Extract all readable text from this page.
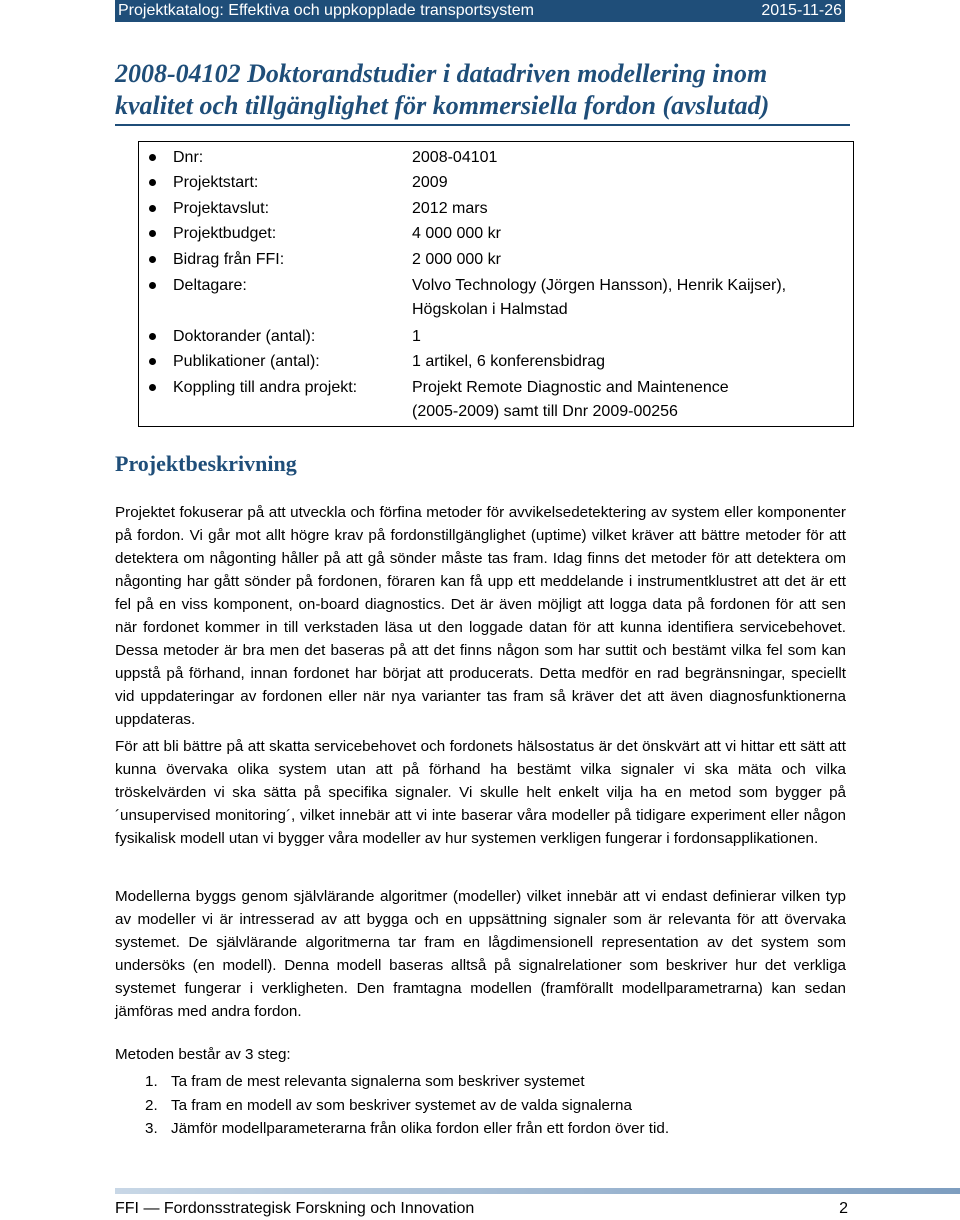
Projektkatalog: Effektiva och uppkopplade transportsystem	2015-11-26
2008-04102 Doktorandstudier i datadriven modellering inom kvalitet och tillgänglighet för kommersiella fordon (avslutad)
Dnr:	2008-04101
Projektstart:	2009
Projektavslut:	2012 mars
Projektbudget:	4 000 000 kr
Bidrag från FFI:	2 000 000 kr
Deltagare:	Volvo Technology (Jörgen Hansson), Henrik Kaijser),
Högskolan i Halmstad
Doktorander (antal):	1
Publikationer (antal):	1 artikel, 6 konferensbidrag
Koppling till andra projekt:	Projekt Remote Diagnostic and Maintenence
(2005-2009) samt till Dnr 2009-00256
Projektbeskrivning

Projektet fokuserar på att utveckla och förfina metoder för avvikelsedetektering av system eller komponenter på fordon. Vi går mot allt högre krav på fordonstillgänglighet (uptime) vilket kräver att bättre metoder för att detektera om någonting håller på att gå sönder måste tas fram. Idag finns det metoder för att detektera om någonting har gått sönder på fordonen, föraren kan få upp ett meddelande i instrumentklustret att det är ett fel på en viss komponent, on-board diagnostics. Det är även möjligt att logga data på fordonen för att sen när fordonet kommer in till verkstaden läsa ut den loggade datan för att kunna identifiera servicebehovet. Dessa metoder är bra men det baseras på att det finns någon som har suttit och bestämt vilka fel som kan uppstå på förhand, innan fordonet har börjat att producerats. Detta medför en rad begränsningar, speciellt vid uppdateringar av fordonen eller när nya varianter tas fram så kräver det att även diagnosfunktionerna uppdateras.

För att bli bättre på att skatta servicebehovet och fordonets hälsostatus är det önskvärt att vi hittar ett sätt att kunna övervaka olika system utan att på förhand ha bestämt vilka signaler vi ska mäta och vilka tröskelvärden vi ska sätta på specifika signaler. Vi skulle helt enkelt vilja ha en metod som bygger på ´unsupervised monitoring´, vilket innebär att vi inte baserar våra modeller på tidigare experiment eller någon fysikalisk modell utan vi bygger våra modeller av hur systemen verkligen fungerar i fordonsapplikationen.

Modellerna byggs genom självlärande algoritmer (modeller) vilket innebär att vi endast definierar vilken typ av modeller vi är intresserad av att bygga och en uppsättning signaler som är relevanta för att övervaka systemet. De självlärande algoritmerna tar fram en lågdimensionell representation av det system som undersöks (en modell). Denna modell baseras alltså på signalrelationer som beskriver hur det verkliga systemet fungerar i verkligheten. Den framtagna modellen (framförallt modellparametrarna) kan sedan jämföras med andra fordon.

Metoden består av 3 steg:

1. Ta fram de mest relevanta signalerna som beskriver systemet
2. Ta fram en modell av som beskriver systemet av de valda signalerna
3. Jämför modellparameterarna från olika fordon eller från ett fordon över tid.
FFI — Fordonsstrategisk Forskning och Innovation	2
